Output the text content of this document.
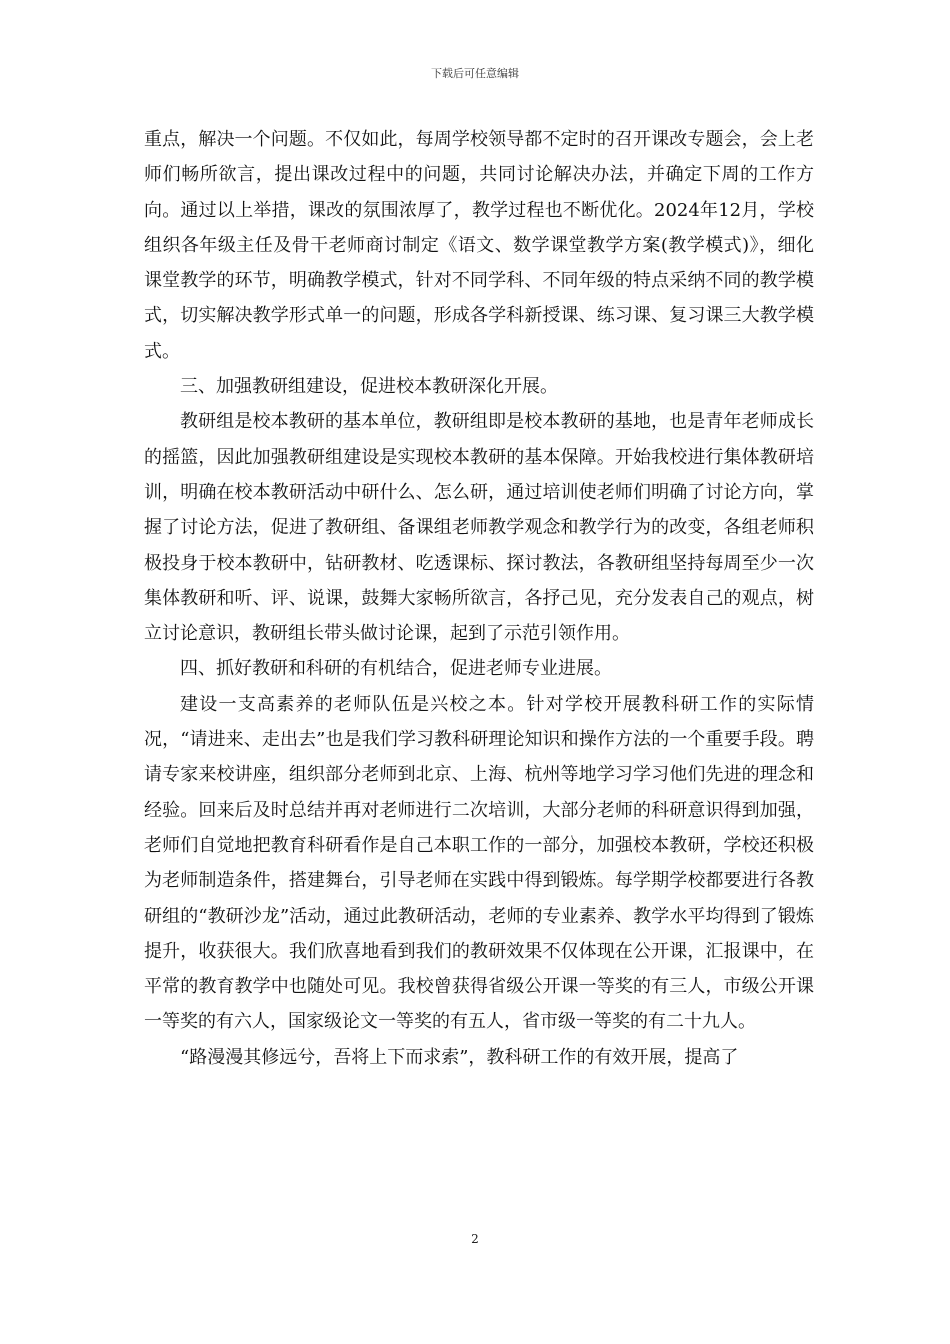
下载后可任意编辑

重点，解决一个问题。不仅如此，每周学校领导都不定时的召开课改专题会，会上老师们畅所欲言，提出课改过程中的问题，共同讨论解决办法，并确定下周的工作方向。通过以上举措，课改的氛围浓厚了，教学过程也不断优化。2024年12月，学校组织各年级主任及骨干老师商讨制定《语文、数学课堂教学方案(教学模式)》，细化课堂教学的环节，明确教学模式，针对不同学科、不同年级的特点采纳不同的教学模式，切实解决教学形式单一的问题，形成各学科新授课、练习课、复习课三大教学模式。

三、加强教研组建设，促进校本教研深化开展。

教研组是校本教研的基本单位，教研组即是校本教研的基地，也是青年老师成长的摇篮，因此加强教研组建设是实现校本教研的基本保障。开始我校进行集体教研培训，明确在校本教研活动中研什么、怎么研，通过培训使老师们明确了讨论方向，掌握了讨论方法，促进了教研组、备课组老师教学观念和教学行为的改变，各组老师积极投身于校本教研中，钻研教材、吃透课标、探讨教法，各教研组坚持每周至少一次集体教研和听、评、说课，鼓舞大家畅所欲言，各抒己见，充分发表自己的观点，树立讨论意识，教研组长带头做讨论课，起到了示范引领作用。

四、抓好教研和科研的有机结合，促进老师专业进展。

建设一支高素养的老师队伍是兴校之本。针对学校开展教科研工作的实际情况，“请进来、走出去”也是我们学习教科研理论知识和操作方法的一个重要手段。聘请专家来校讲座，组织部分老师到北京、上海、杭州等地学习学习他们先进的理念和经验。回来后及时总结并再对老师进行二次培训，大部分老师的科研意识得到加强，老师们自觉地把教育科研看作是自己本职工作的一部分，加强校本教研，学校还积极为老师制造条件，搭建舞台，引导老师在实践中得到锻炼。每学期学校都要进行各教研组的“教研沙龙”活动，通过此教研活动，老师的专业素养、教学水平均得到了锻炼提升，收获很大。我们欣喜地看到我们的教研效果不仅体现在公开课，汇报课中，在平常的教育教学中也随处可见。我校曾获得省级公开课一等奖的有三人，市级公开课一等奖的有六人，国家级论文一等奖的有五人，省市级一等奖的有二十九人。

“路漫漫其修远兮，吾将上下而求索”，教科研工作的有效开展，提高了

2
